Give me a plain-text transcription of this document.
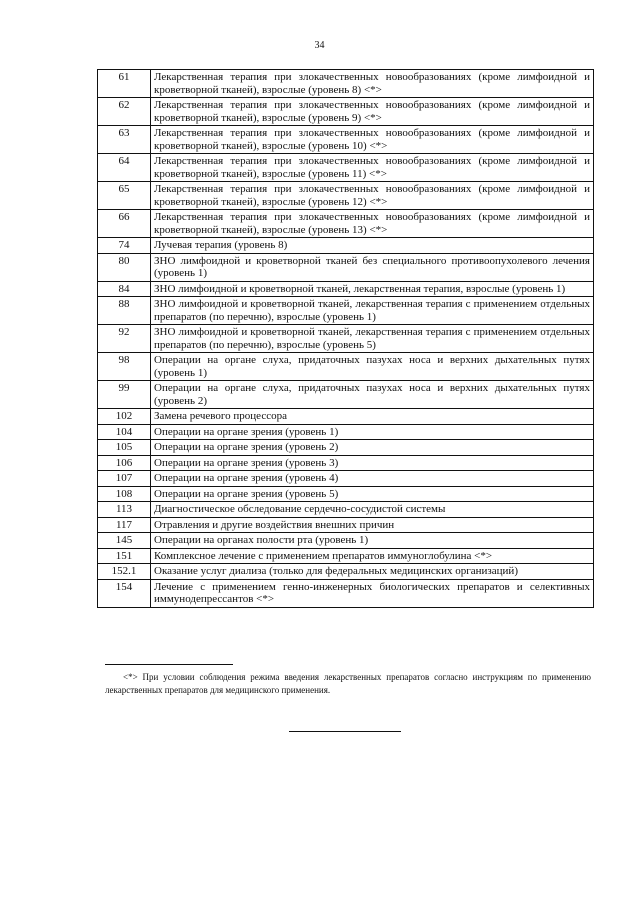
34
61	Лекарственная терапия при злокачественных новообразованиях (кроме лимфоидной и кроветворной тканей), взрослые (уровень 8) <*>
62	Лекарственная терапия при злокачественных новообразованиях (кроме лимфоидной и кроветворной тканей), взрослые (уровень 9) <*>
63	Лекарственная терапия при злокачественных новообразованиях (кроме лимфоидной и кроветворной тканей), взрослые (уровень 10) <*>
64	Лекарственная терапия при злокачественных новообразованиях (кроме лимфоидной и кроветворной тканей), взрослые (уровень 11) <*>
65	Лекарственная терапия при злокачественных новообразованиях (кроме лимфоидной и кроветворной тканей), взрослые (уровень 12) <*>
66	Лекарственная терапия при злокачественных новообразованиях (кроме лимфоидной и кроветворной тканей), взрослые (уровень 13) <*>
74	Лучевая терапия (уровень 8)
80	ЗНО лимфоидной и кроветворной тканей без специального противоопухолевого лечения (уровень 1)
84	ЗНО лимфоидной и кроветворной тканей, лекарственная терапия, взрослые (уровень 1)
88	ЗНО лимфоидной и кроветворной тканей, лекарственная терапия с применением отдельных препаратов (по перечню), взрослые (уровень 1)
92	ЗНО лимфоидной и кроветворной тканей, лекарственная терапия с применением отдельных препаратов (по перечню), взрослые (уровень 5)
98	Операции на органе слуха, придаточных пазухах носа и верхних дыхательных путях (уровень 1)
99	Операции на органе слуха, придаточных пазухах носа и верхних дыхательных путях (уровень 2)
102	Замена речевого процессора
104	Операции на органе зрения (уровень 1)
105	Операции на органе зрения (уровень 2)
106	Операции на органе зрения (уровень 3)
107	Операции на органе зрения (уровень 4)
108	Операции на органе зрения (уровень 5)
113	Диагностическое обследование сердечно-сосудистой системы
117	Отравления и другие воздействия внешних причин
145	Операции на органах полости рта (уровень 1)
151	Комплексное лечение с применением препаратов иммуноглобулина <*>
152.1	Оказание услуг диализа (только для федеральных медицинских организаций)
154	Лечение с применением генно-инженерных биологических препаратов и селективных иммунодепрессантов <*>
<*> При условии соблюдения режима введения лекарственных препаратов согласно инструкциям по применению лекарственных препаратов для медицинского применения.
